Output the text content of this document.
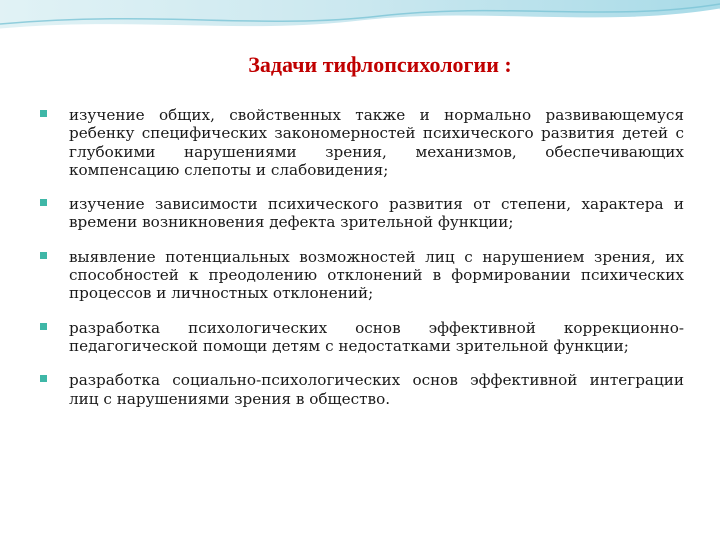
Задачи тифлопсихологии :
изучение общих, свойственных также и нормально развивающемуся ребенку специфических закономерностей психического развития детей с глубокими нарушениями зрения, механизмов, обеспечивающих компенсацию слепоты и слабовидения;
изучение зависимости психического развития от степени, характера и времени возникновения дефекта зрительной функции;
выявление потенциальных возможностей лиц с нарушением зрения, их способностей к преодолению отклонений в формировании психических процессов и личностных отклонений;
разработка психологических основ эффективной коррекционно-педагогической помощи детям с недостатками зрительной функции;
разработка социально-психологических основ эффективной интеграции лиц с нарушениями зрения в общество.
